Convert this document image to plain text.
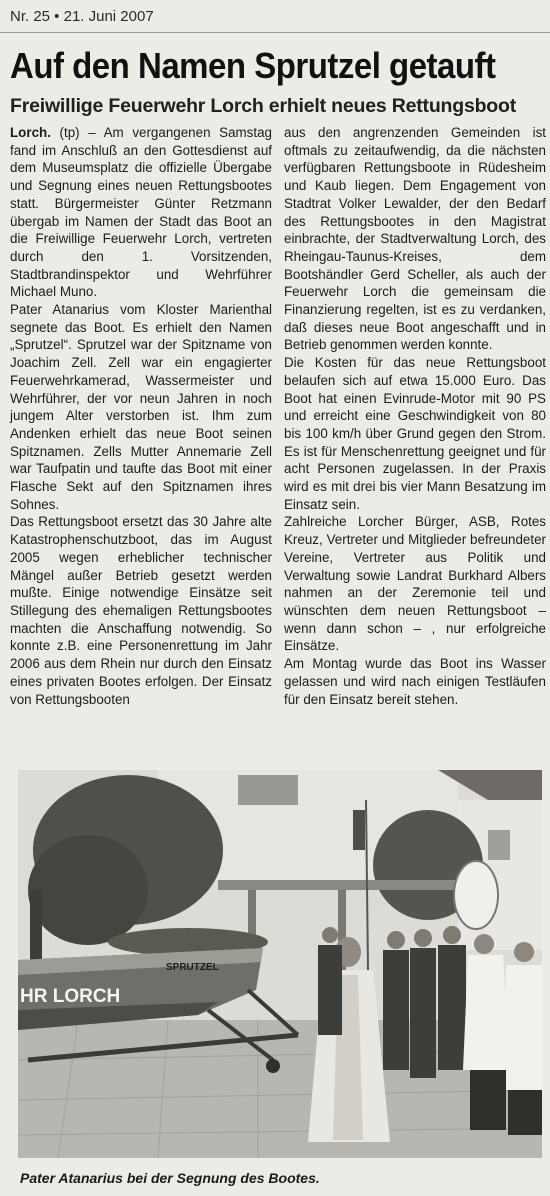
Nr. 25 • 21. Juni 2007
Auf den Namen Sprutzel getauft
Freiwillige Feuerwehr Lorch erhielt neues Rettungsboot

Lorch. (tp) – Am vergangenen Samstag fand im Anschluß an den Gottesdienst auf dem Museumsplatz die offizielle Übergabe und Segnung eines neuen Rettungsbootes statt. Bürgermeister Günter Retzmann übergab im Namen der Stadt das Boot an die Freiwillige Feuerwehr Lorch, vertreten durch den 1. Vorsitzenden, Stadtbrandinspektor und Wehrführer Michael Muno.

Pater Atanarius vom Kloster Marienthal segnete das Boot. Es erhielt den Namen „Sprutzel“. Sprutzel war der Spitzname von Joachim Zell. Zell war ein engagierter Feuerwehrkamerad, Wassermeister und Wehrführer, der vor neun Jahren in noch jungem Alter verstorben ist. Ihm zum Andenken erhielt das neue Boot seinen Spitznamen. Zells Mutter Annemarie Zell war Taufpatin und taufte das Boot mit einer Flasche Sekt auf den Spitznamen ihres Sohnes.

Das Rettungsboot ersetzt das 30 Jahre alte Katastrophenschutzboot, das im August 2005 wegen erheblicher technischer Mängel außer Betrieb gesetzt werden mußte. Einige notwendige Einsätze seit Stillegung des ehemaligen Rettungsbootes machten die Anschaffung notwendig. So konnte z.B. eine Personenrettung im Jahr 2006 aus dem Rhein nur durch den Einsatz eines privaten Bootes erfolgen. Der Einsatz von Rettungsbooten

aus den angrenzenden Gemeinden ist oftmals zu zeitaufwendig, da die nächsten verfügbaren Rettungsboote in Rüdesheim und Kaub liegen. Dem Engagement von Stadtrat Volker Lewalder, der den Bedarf des Rettungsbootes in den Magistrat einbrachte, der Stadtverwaltung Lorch, des Rheingau-Taunus-Kreises, dem Bootshändler Gerd Scheller, als auch der Feuerwehr Lorch die gemeinsam die Finanzierung regelten, ist es zu verdanken, daß dieses neue Boot angeschafft und in Betrieb genommen werden konnte.

Die Kosten für das neue Rettungsboot belaufen sich auf etwa 15.000 Euro. Das Boot hat einen Evinrude-Motor mit 90 PS und erreicht eine Geschwindigkeit von 80 bis 100 km/h über Grund gegen den Strom. Es ist für Menschenrettung geeignet und für acht Personen zugelassen. In der Praxis wird es mit drei bis vier Mann Besatzung im Einsatz sein.

Zahlreiche Lorcher Bürger, ASB, Rotes Kreuz, Vertreter und Mitglieder befreundeter Vereine, Vertreter aus Politik und Verwaltung sowie Landrat Burkhard Albers nahmen an der Zeremonie teil und wünschten dem neuen Rettungsboot – wenn dann schon – , nur erfolgreiche Einsätze.

Am Montag wurde das Boot ins Wasser gelassen und wird nach einigen Testläufen für den Einsatz bereit stehen.

SPRUTZEL
HR LORCH
Pater Atanarius bei der Segnung des Bootes.
